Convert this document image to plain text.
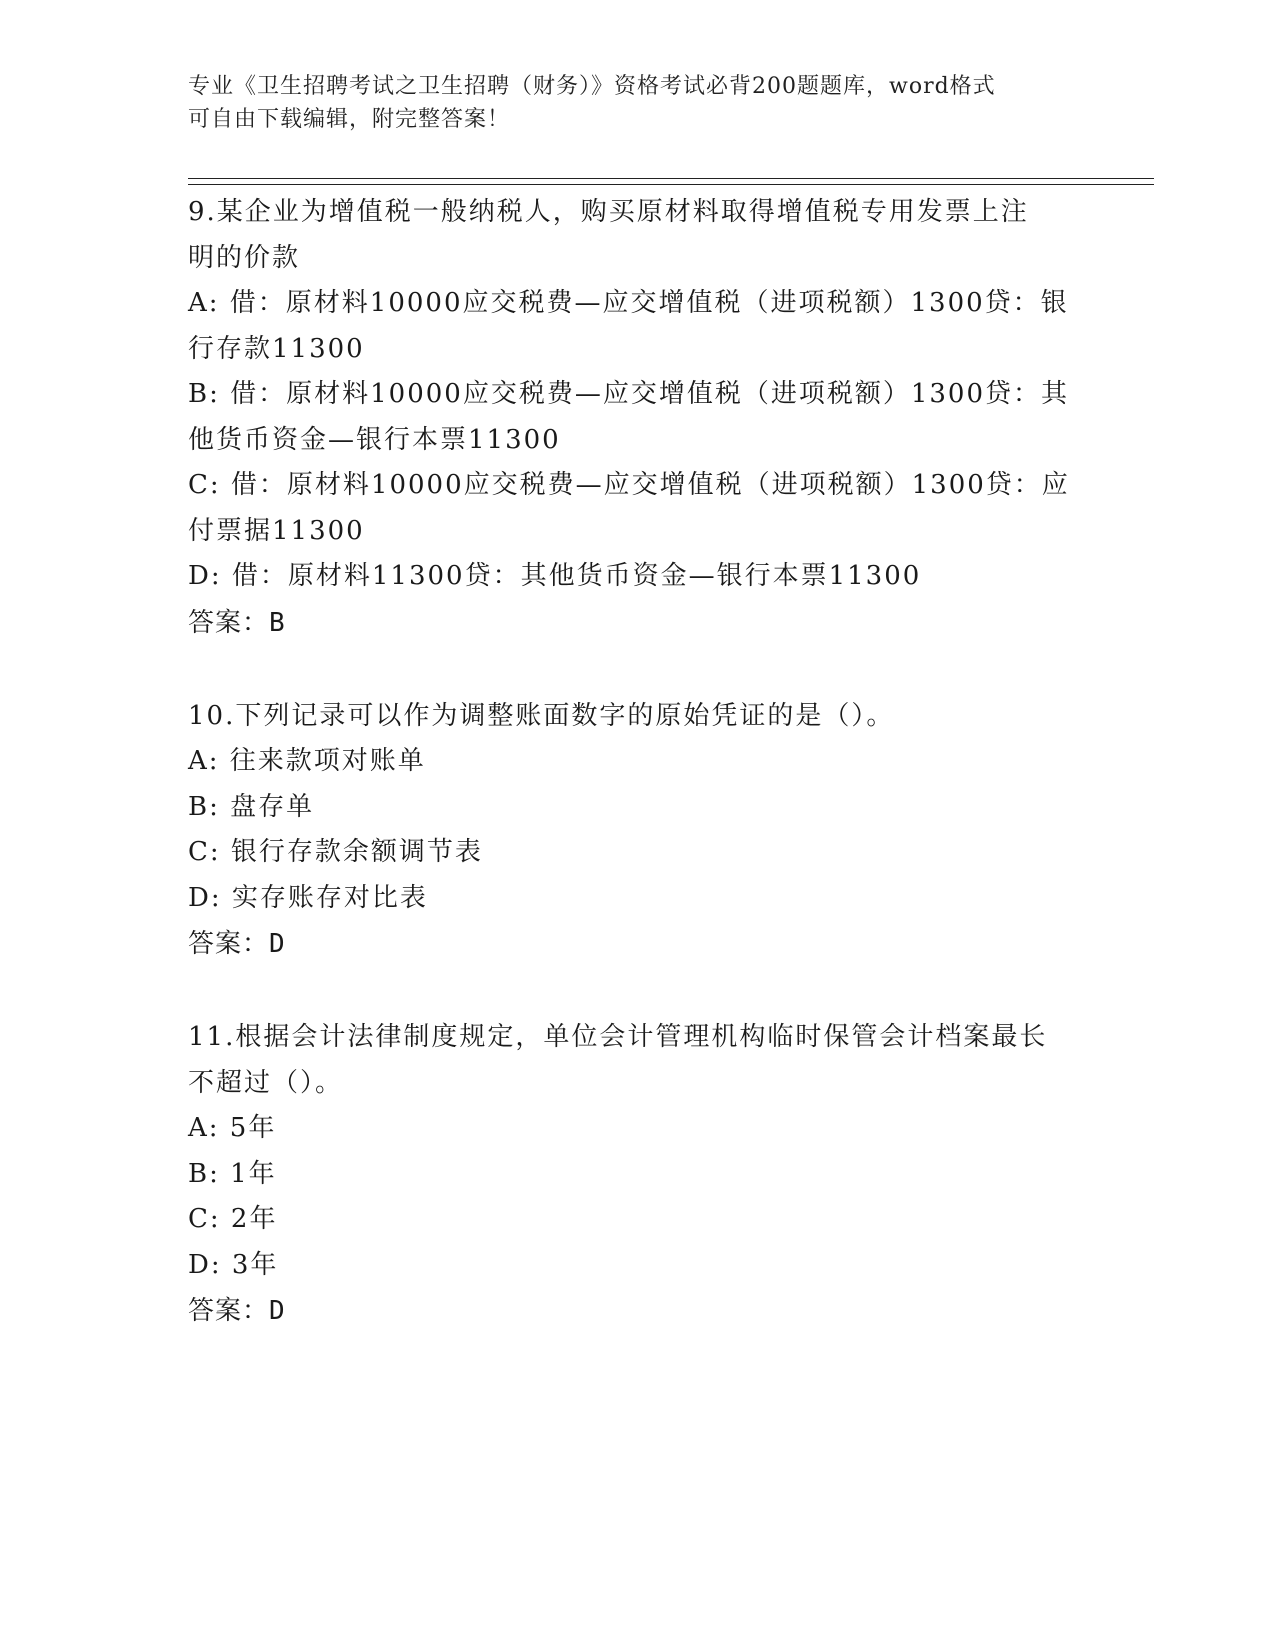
专业《卫生招聘考试之卫生招聘（财务）》资格考试必背200题题库，word格式
可自由下载编辑，附完整答案！

9.某企业为增值税一般纳税人，购买原材料取得增值税专用发票上注

明的价款

A: 借：原材料10000应交税费—应交增值税（进项税额）1300贷：银

行存款11300

B: 借：原材料10000应交税费—应交增值税（进项税额）1300贷：其

他货币资金—银行本票11300

C: 借：原材料10000应交税费—应交增值税（进项税额）1300贷：应

付票据11300

D: 借：原材料11300贷：其他货币资金—银行本票11300

答案：B

10.下列记录可以作为调整账面数字的原始凭证的是（）。

A: 往来款项对账单

B: 盘存单

C: 银行存款余额调节表

D: 实存账存对比表

答案：D

11.根据会计法律制度规定，单位会计管理机构临时保管会计档案最长

不超过（）。

A: 5年

B: 1年

C: 2年

D: 3年

答案：D
